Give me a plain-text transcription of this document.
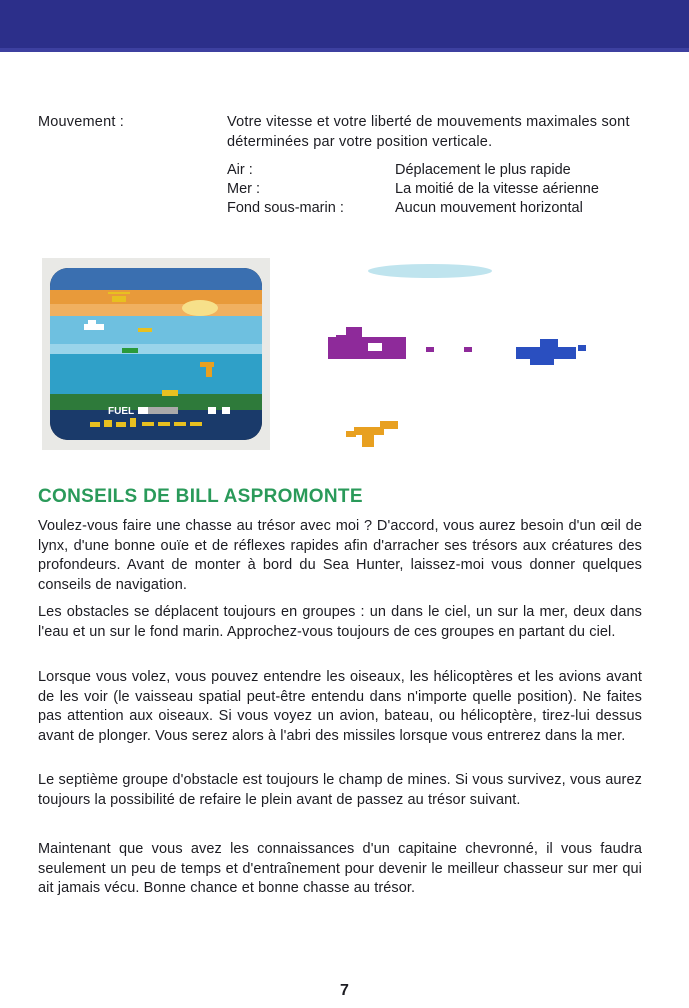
Mouvement :	Votre vitesse et votre liberté de mouvements maximales sont déterminées par votre position verticale.
Air :	Déplacement le plus rapide
Mer :	La moitié de la vitesse aérienne
Fond sous-marin :	Aucun mouvement horizontal
FUEL
CONSEILS DE BILL ASPROMONTE
Voulez-vous faire une chasse au trésor avec moi ? D'accord, vous aurez besoin d'un œil de lynx, d'une bonne ouïe et de réflexes rapides afin d'arracher ses trésors aux créatures des profondeurs. Avant de monter à bord du Sea Hunter, laissez-moi vous donner quelques conseils de navigation.
Les obstacles se déplacent toujours en groupes : un dans le ciel, un sur la mer, deux dans l'eau et un sur le fond marin. Approchez-vous toujours de ces groupes en partant du ciel.
Lorsque vous volez, vous pouvez entendre les oiseaux, les hélicoptères et les avions avant de les voir (le vaisseau spatial peut-être entendu dans n'importe quelle position). Ne faites pas attention aux oiseaux. Si vous voyez un avion, bateau, ou hélicoptère, tirez-lui dessus avant de plonger. Vous serez alors à l'abri des missiles lorsque vous entrerez dans la mer.
Le septième groupe d'obstacle est toujours le champ de mines. Si vous survivez, vous aurez toujours la possibilité de refaire le plein avant de passez au trésor suivant.
Maintenant que vous avez les connaissances d'un capitaine chevronné, il vous faudra seulement un peu de temps et d'entraînement pour devenir le meilleur chasseur sur mer qui ait jamais vécu. Bonne chance et bonne chasse au trésor.
7
